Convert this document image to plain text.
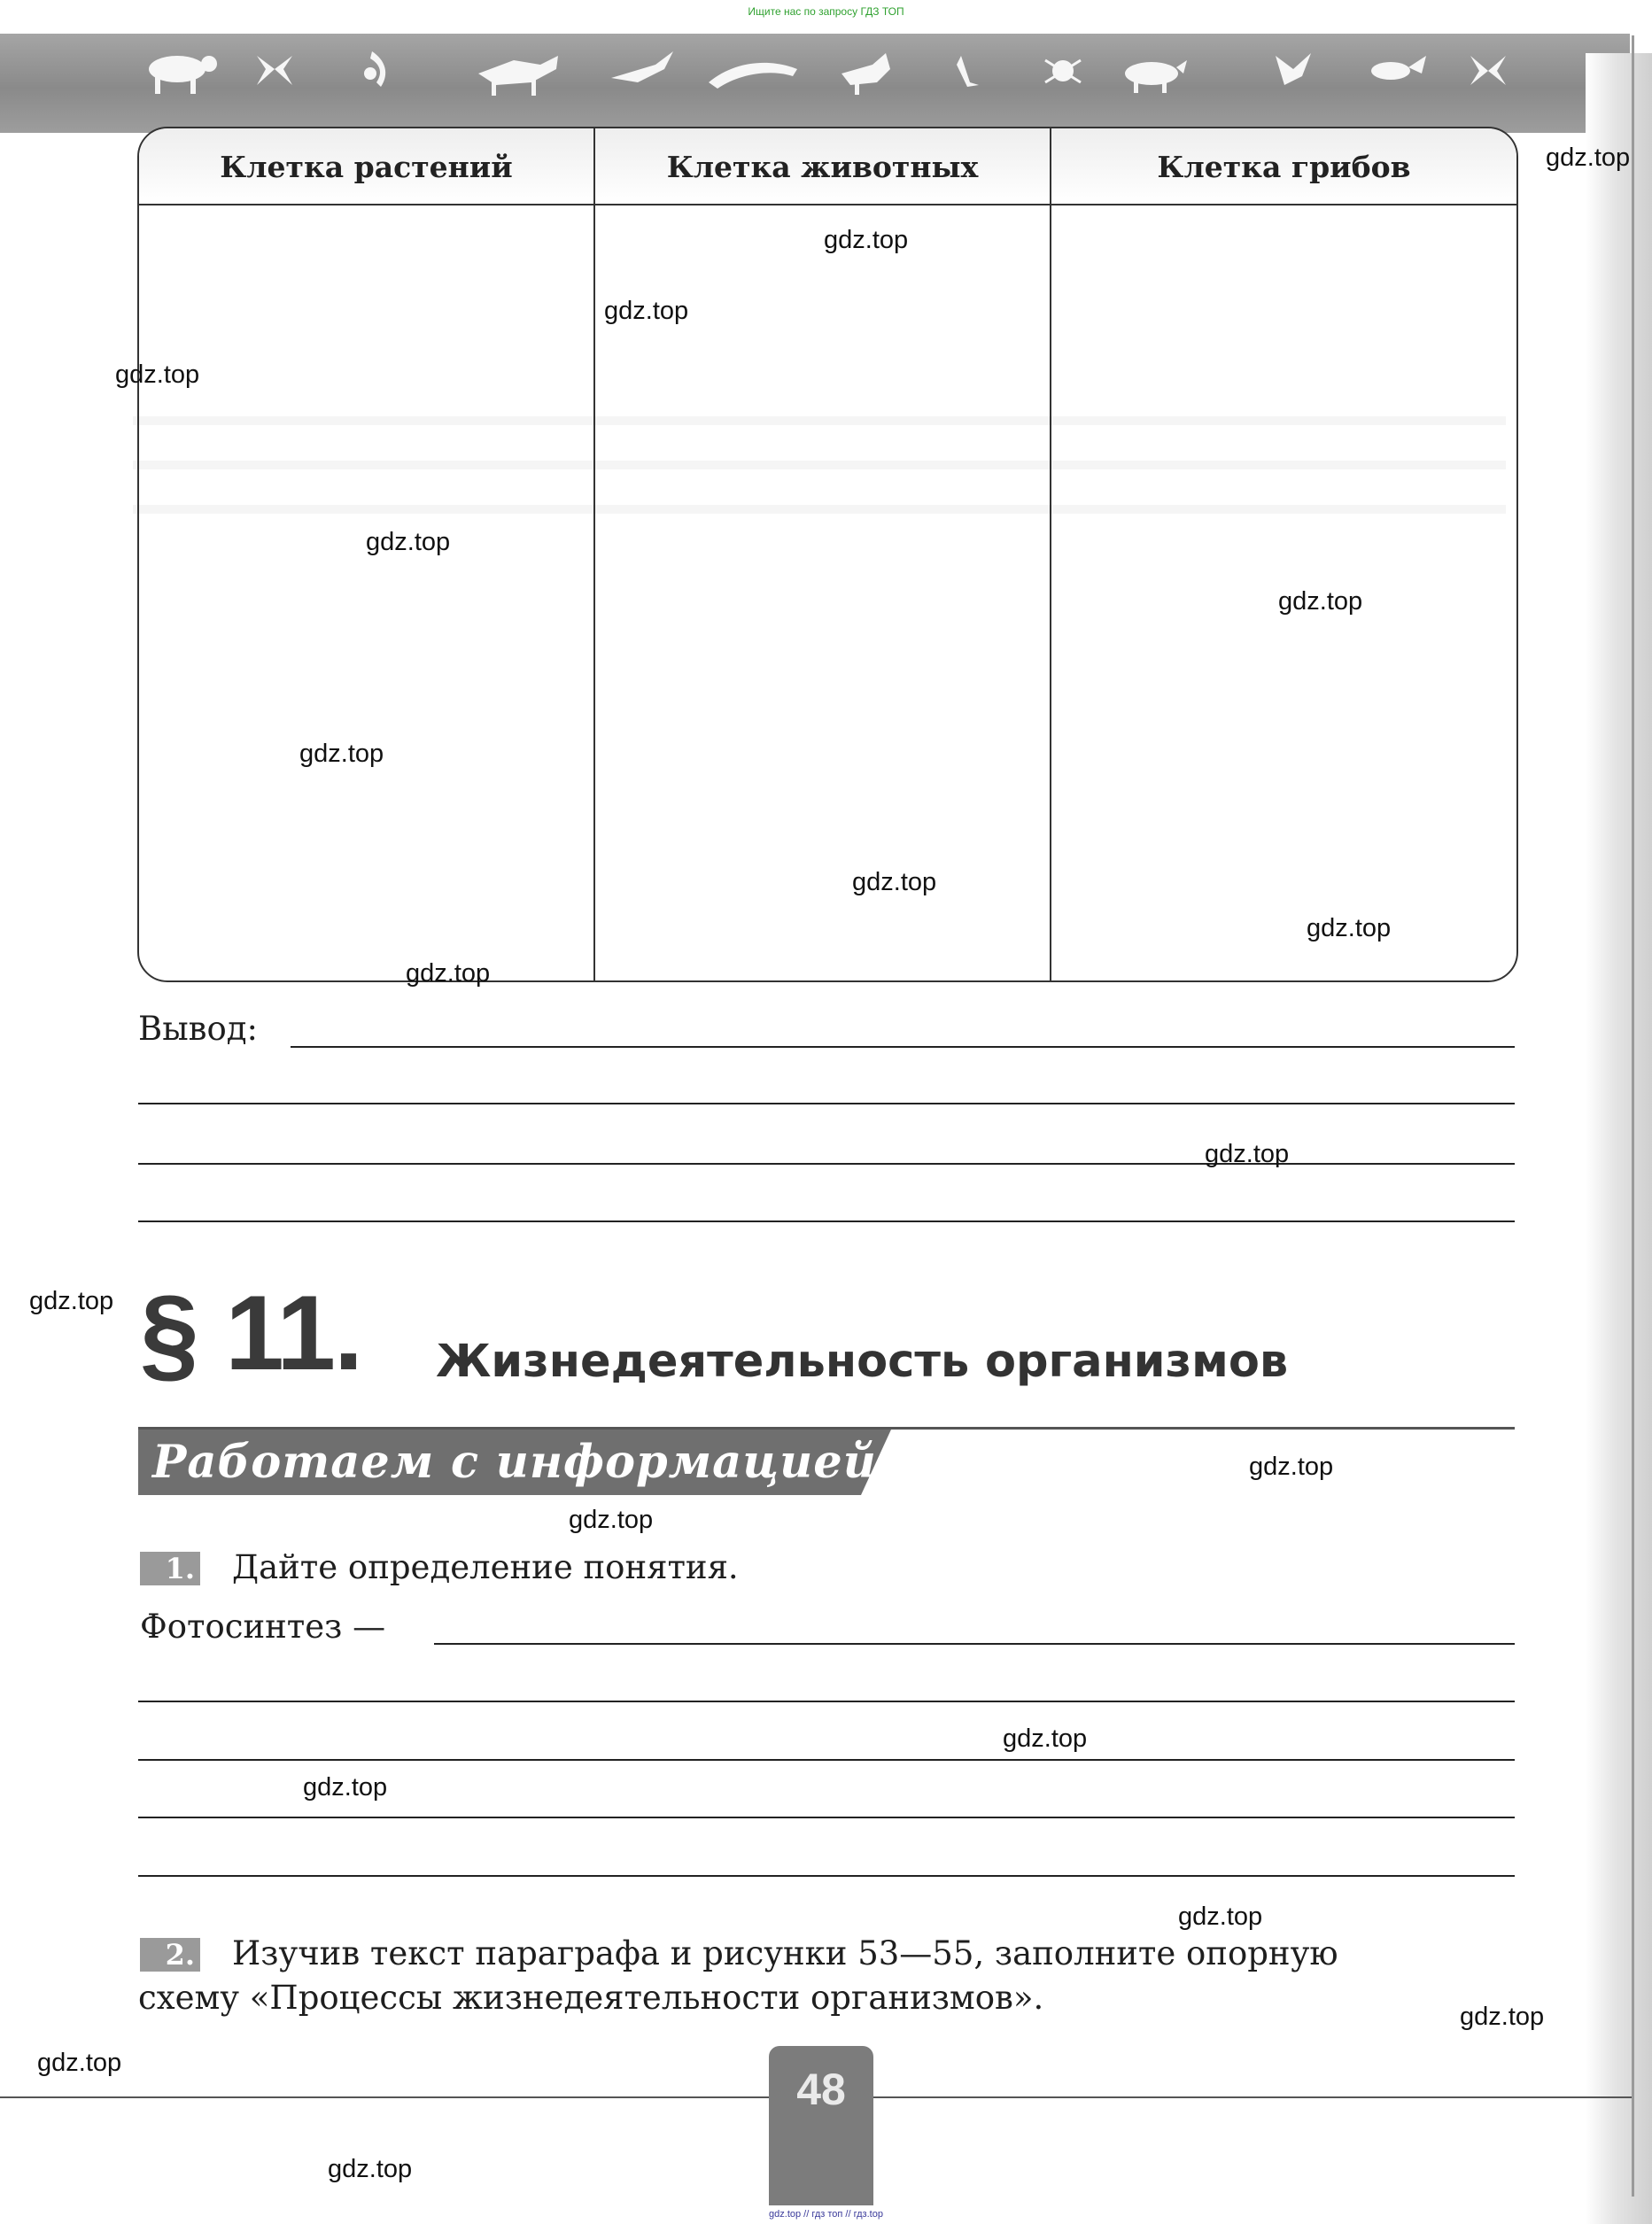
Ищите нас по запросу ГДЗ ТОП
Клетка растений	Клетка животных	Клетка грибов
Вывод:
§ 11. Жизнедеятельность организмов
Работаем с информацией
1. Дайте определение понятия.
Фотосинтез —
2. Изучив текст параграфа и рисунки 53—55, заполните опорную
схему «Процессы жизнедеятельности организмов».
48
gdz.top // гдз топ // гдз.top
gdz.top
gdz.top
gdz.top
gdz.top
gdz.top
gdz.top
gdz.top
gdz.top
gdz.top
gdz.top
gdz.top
gdz.top
gdz.top
gdz.top
gdz.top
gdz.top
gdz.top
gdz.top
gdz.top
gdz.top
